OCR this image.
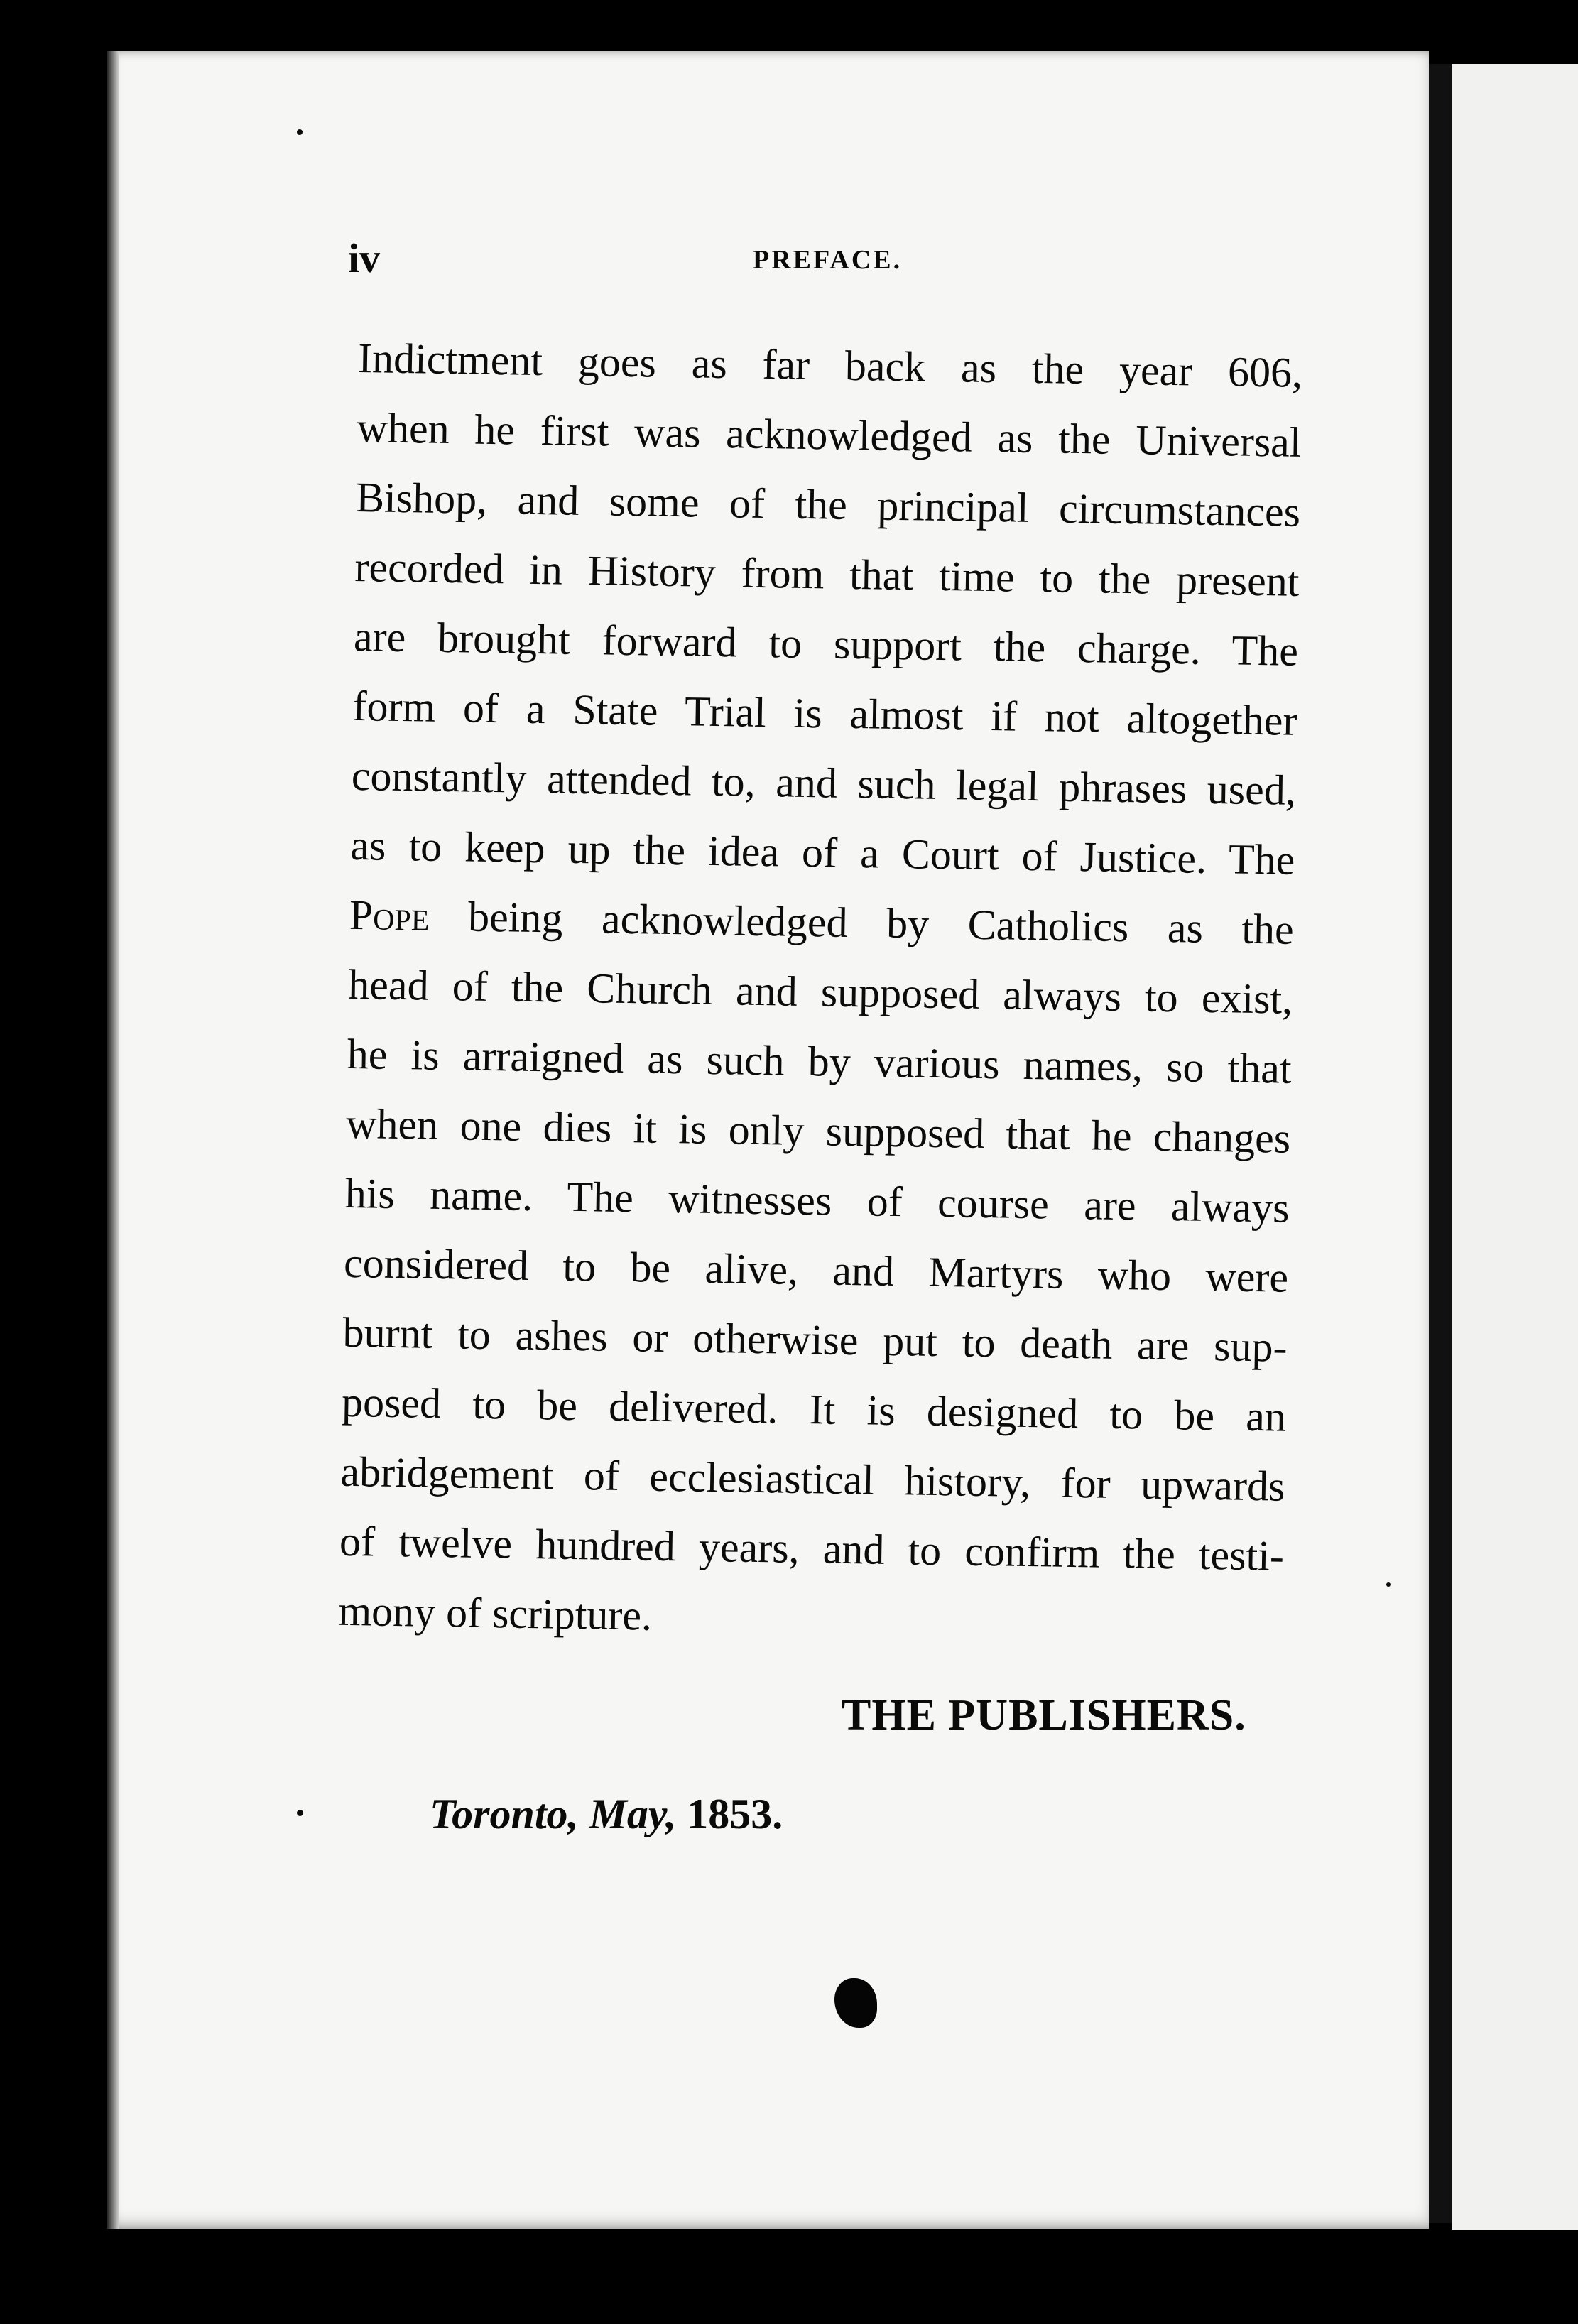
iv	PREFACE.
Indictment goes as far back as the year 606,
when he first was acknowledged as the Universal
Bishop, and some of the principal circumstances
recorded in History from that time to the present
are brought forward to support the charge. The
form of a State Trial is almost if not altogether
constantly attended to, and such legal phrases used,
as to keep up the idea of a Court of Justice. The
Pope being acknowledged by Catholics as the
head of the Church and supposed always to exist,
he is arraigned as such by various names, so that
when one dies it is only supposed that he changes
his name. The witnesses of course are always
considered to be alive, and Martyrs who were
burnt to ashes or otherwise put to death are sup-
posed to be delivered. It is designed to be an
abridgement of ecclesiastical history, for upwards
of twelve hundred years, and to confirm the testi-
mony of scripture.
THE PUBLISHERS.
Toronto, May, 1853.
